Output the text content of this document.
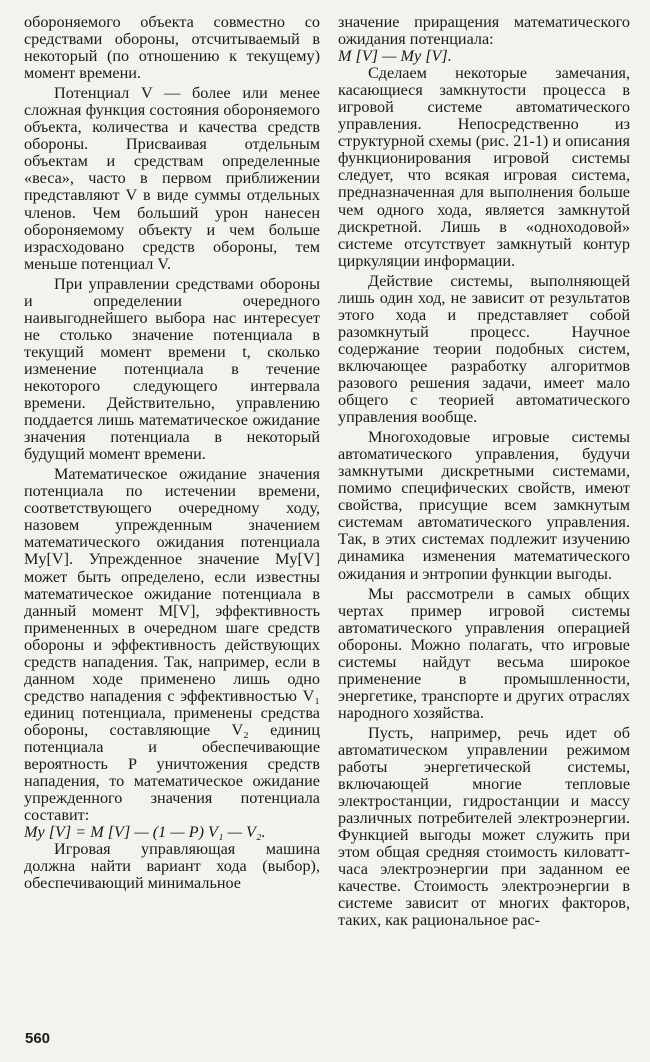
обороняемого объекта совместно со средствами обороны, отсчитываемый в некоторый (по отношению к текущему) момент времени.

Потенциал V — более или менее сложная функция состояния обороняемого объекта, количества и качества средств обороны. Присваивая отдельным объектам и средствам определенные «веса», часто в первом приближении представляют V в виде суммы отдельных членов. Чем больший урон нанесен обороняемому объекту и чем больше израсходовано средств обороны, тем меньше потенциал V.

При управлении средствами обороны и определении очередного наивыгоднейшего выбора нас интересует не столько значение потенциала в текущий момент времени t, сколько изменение потенциала в течение некоторого следующего интервала времени. Действительно, управлению поддается лишь математическое ожидание значения потенциала в некоторый будущий момент времени.

Математическое ожидание значения потенциала по истечении времени, соответствующего очередному ходу, назовем упрежденным значением математического ожидания потенциала Mу[V]. Упрежденное значение Mу[V] может быть определено, если известны математическое ожидание потенциала в данный момент M[V], эффективность примененных в очередном шаге средств обороны и эффективность действующих средств нападения. Так, например, если в данном ходе применено лишь одно средство нападения с эффективностью V₁ единиц потенциала, применены средства обороны, составляющие V₂ единиц потенциала и обеспечивающие вероятность P уничтожения средств нападения, то математическое ожидание упрежденного значения потенциала составит:

Mу [V] = M [V] — (1 — P) V₁ — V₂.

Игровая управляющая машина должна найти вариант хода (выбор), обеспечивающий минимальное

значение приращения математического ожидания потенциала:

M [V] — Mу [V].

Сделаем некоторые замечания, касающиеся замкнутости процесса в игровой системе автоматического управления. Непосредственно из структурной схемы (рис. 21-1) и описания функционирования игровой системы следует, что всякая игровая система, предназначенная для выполнения больше чем одного хода, является замкнутой дискретной. Лишь в «одноходовой» системе отсутствует замкнутый контур циркуляции информации.

Действие системы, выполняющей лишь один ход, не зависит от результатов этого хода и представляет собой разомкнутый процесс. Научное содержание теории подобных систем, включающее разработку алгоритмов разового решения задачи, имеет мало общего с теорией автоматического управления вообще.

Многоходовые игровые системы автоматического управления, будучи замкнутыми дискретными системами, помимо специфических свойств, имеют свойства, присущие всем замкнутым системам автоматического управления. Так, в этих системах подлежит изучению динамика изменения математического ожидания и энтропии функции выгоды.

Мы рассмотрели в самых общих чертах пример игровой системы автоматического управления операцией обороны. Можно полагать, что игровые системы найдут весьма широкое применение в промышленности, энергетике, транспорте и других отраслях народного хозяйства.

Пусть, например, речь идет об автоматическом управлении режимом работы энергетической системы, включающей многие тепловые электростанции, гидростанции и массу различных потребителей электроэнергии. Функцией выгоды может служить при этом общая средняя стоимость киловатт-часа электроэнергии при заданном ее качестве. Стоимость электроэнергии в системе зависит от многих факторов, таких, как рациональное рас-

560
